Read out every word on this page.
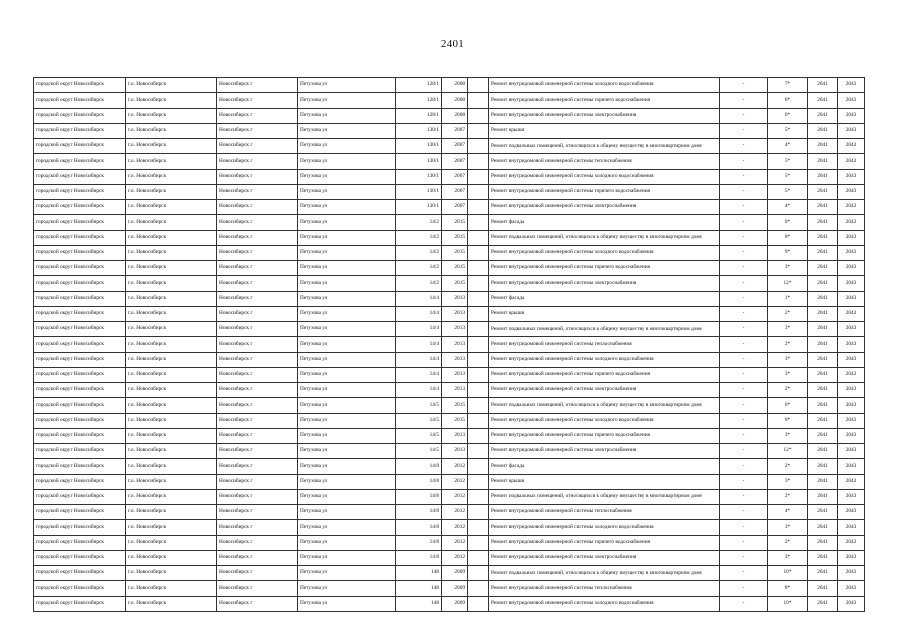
2401
городской округ Новосибирск	г.о. Новосибирск	Новосибирск г	Петухова ул	128/1	2008		Ремонт внутридомовой инженерной системы холодного водоснабжения	-	7*	2041	2043
городской округ Новосибирск	г.о. Новосибирск	Новосибирск г	Петухова ул	128/1	2008		Ремонт внутридомовой инженерной системы горячего водоснабжения	-	6*	2041	2043
городской округ Новосибирск	г.о. Новосибирск	Новосибирск г	Петухова ул	128/1	2008		Ремонт внутридомовой инженерной системы электроснабжения	-	6*	2041	2043
городской округ Новосибирск	г.о. Новосибирск	Новосибирск г	Петухова ул	130/1	2007		Ремонт крыши	-	5*	2041	2043
городской округ Новосибирск	г.о. Новосибирск	Новосибирск г	Петухова ул	130/1	2007		Ремонт подвальных помещений, относящихся к общему имуществу в многоквартирном доме	-	4*	2041	2043
городской округ Новосибирск	г.о. Новосибирск	Новосибирск г	Петухова ул	130/1	2007		Ремонт внутридомовой инженерной системы теплоснабжения	-	5*	2041	2043
городской округ Новосибирск	г.о. Новосибирск	Новосибирск г	Петухова ул	130/1	2007		Ремонт внутридомовой инженерной системы холодного водоснабжения	-	5*	2041	2043
городской округ Новосибирск	г.о. Новосибирск	Новосибирск г	Петухова ул	130/1	2007		Ремонт внутридомовой инженерной системы горячего водоснабжения	-	5*	2041	2043
городской округ Новосибирск	г.о. Новосибирск	Новосибирск г	Петухова ул	130/1	2007		Ремонт внутридомовой инженерной системы электроснабжения	-	4*	2041	2043
городской округ Новосибирск	г.о. Новосибирск	Новосибирск г	Петухова ул	14/2	2015		Ремонт фасада	-	0*	2041	2043
городской округ Новосибирск	г.о. Новосибирск	Новосибирск г	Петухова ул	14/2	2015		Ремонт подвальных помещений, относящихся к общему имуществу в многоквартирном доме	-	8*	2041	2043
городской округ Новосибирск	г.о. Новосибирск	Новосибирск г	Петухова ул	14/2	2015		Ремонт внутридомовой инженерной системы холодного водоснабжения	-	9*	2041	2043
городской округ Новосибирск	г.о. Новосибирск	Новосибирск г	Петухова ул	14/2	2015		Ремонт внутридомовой инженерной системы горячего водоснабжения	-	3*	2041	2043
городской округ Новосибирск	г.о. Новосибирск	Новосибирск г	Петухова ул	14/2	2015		Ремонт внутридомовой инженерной системы электроснабжения	-	12*	2041	2043
городской округ Новосибирск	г.о. Новосибирск	Новосибирск г	Петухова ул	14/4	2013		Ремонт фасада	-	1*	2041	2043
городской округ Новосибирск	г.о. Новосибирск	Новосибирск г	Петухова ул	14/4	2013		Ремонт крыши	-	2*	2041	2043
городской округ Новосибирск	г.о. Новосибирск	Новосибирск г	Петухова ул	14/4	2013		Ремонт подвальных помещений, относящихся к общему имуществу в многоквартирном доме	-	3*	2041	2043
городской округ Новосибирск	г.о. Новосибирск	Новосибирск г	Петухова ул	14/4	2013		Ремонт внутридомовой инженерной системы теплоснабжения	-	2*	2041	2043
городской округ Новосибирск	г.о. Новосибирск	Новосибирск г	Петухова ул	14/4	2013		Ремонт внутридомовой инженерной системы холодного водоснабжения	-	3*	2041	2043
городской округ Новосибирск	г.о. Новосибирск	Новосибирск г	Петухова ул	14/4	2013		Ремонт внутридомовой инженерной системы горячего водоснабжения	-	3*	2041	2043
городской округ Новосибирск	г.о. Новосибирск	Новосибирск г	Петухова ул	14/4	2013		Ремонт внутридомовой инженерной системы электроснабжения	-	2*	2041	2043
городской округ Новосибирск	г.о. Новосибирск	Новосибирск г	Петухова ул	14/5	2015		Ремонт подвальных помещений, относящихся к общему имуществу в многоквартирном доме	-	6*	2041	2043
городской округ Новосибирск	г.о. Новосибирск	Новосибирск г	Петухова ул	14/5	2015		Ремонт внутридомовой инженерной системы холодного водоснабжения	-	0*	2041	2043
городской округ Новосибирск	г.о. Новосибирск	Новосибирск г	Петухова ул	14/5	2013		Ремонт внутридомовой инженерной системы горячего водоснабжения	-	3*	2041	2043
городской округ Новосибирск	г.о. Новосибирск	Новосибирск г	Петухова ул	14/5	2013		Ремонт внутридомовой инженерной системы электроснабжения	-	12*	2041	2043
городской округ Новосибирск	г.о. Новосибирск	Новосибирск г	Петухова ул	14/8	2012		Ремонт фасада	-	2*	2041	2043
городской округ Новосибирск	г.о. Новосибирск	Новосибирск г	Петухова ул	14/8	2012		Ремонт крыши	-	3*	2041	2043
городской округ Новосибирск	г.о. Новосибирск	Новосибирск г	Петухова ул	14/8	2012		Ремонт подвальных помещений, относящихся к общему имуществу в многоквартирном доме	-	2*	2041	2043
городской округ Новосибирск	г.о. Новосибирск	Новосибирск г	Петухова ул	14/8	2012		Ремонт внутридомовой инженерной системы теплоснабжения	-	4*	2041	2043
городской округ Новосибирск	г.о. Новосибирск	Новосибирск г	Петухова ул	14/8	2012		Ремонт внутридомовой инженерной системы холодного водоснабжения	-	3*	2041	2043
городской округ Новосибирск	г.о. Новосибирск	Новосибирск г	Петухова ул	14/8	2012		Ремонт внутридомовой инженерной системы горячего водоснабжения	-	2*	2041	2043
городской округ Новосибирск	г.о. Новосибирск	Новосибирск г	Петухова ул	14/8	2012		Ремонт внутридомовой инженерной системы электроснабжения	-	3*	2041	2043
городской округ Новосибирск	г.о. Новосибирск	Новосибирск г	Петухова ул	148	2009		Ремонт подвальных помещений, относящихся к общему имуществу в многоквартирном доме	-	10*	2041	2043
городской округ Новосибирск	г.о. Новосибирск	Новосибирск г	Петухова ул	148	2009		Ремонт внутридомовой инженерной системы теплоснабжения	-	8*	2041	2043
городской округ Новосибирск	г.о. Новосибирск	Новосибирск г	Петухова ул	148	2009		Ремонт внутридомовой инженерной системы холодного водоснабжения	-	10*	2041	2043
